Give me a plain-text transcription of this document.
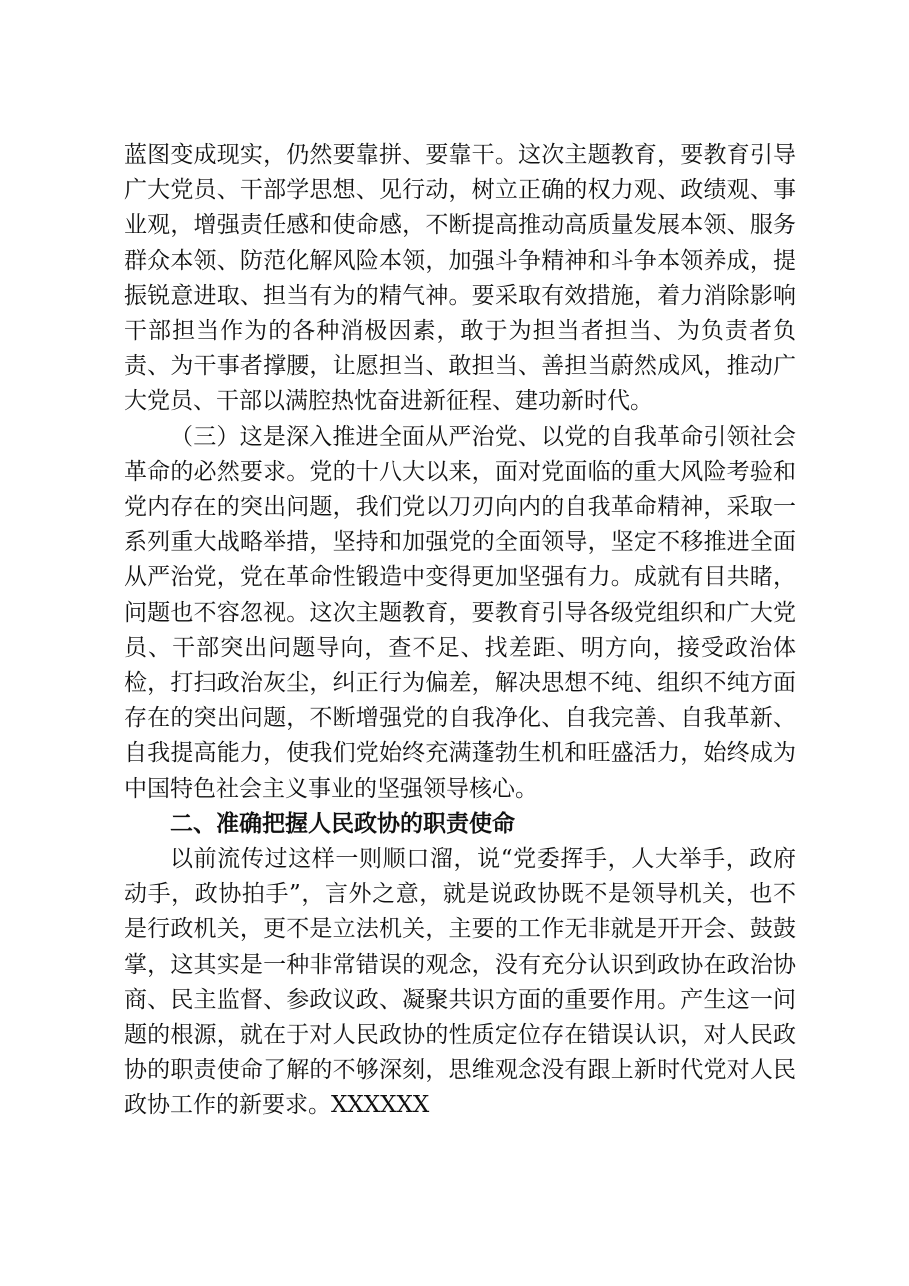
蓝图变成现实，仍然要靠拼、要靠干。这次主题教育，要教育引导广大党员、干部学思想、见行动，树立正确的权力观、政绩观、事业观，增强责任感和使命感，不断提高推动高质量发展本领、服务群众本领、防范化解风险本领，加强斗争精神和斗争本领养成，提振锐意进取、担当有为的精气神。要采取有效措施，着力消除影响干部担当作为的各种消极因素，敢于为担当者担当、为负责者负责、为干事者撑腰，让愿担当、敢担当、善担当蔚然成风，推动广大党员、干部以满腔热忱奋进新征程、建功新时代。

（三）这是深入推进全面从严治党、以党的自我革命引领社会革命的必然要求。党的十八大以来，面对党面临的重大风险考验和党内存在的突出问题，我们党以刀刃向内的自我革命精神，采取一系列重大战略举措，坚持和加强党的全面领导，坚定不移推进全面从严治党，党在革命性锻造中变得更加坚强有力。成就有目共睹，问题也不容忽视。这次主题教育，要教育引导各级党组织和广大党员、干部突出问题导向，查不足、找差距、明方向，接受政治体检，打扫政治灰尘，纠正行为偏差，解决思想不纯、组织不纯方面存在的突出问题，不断增强党的自我净化、自我完善、自我革新、自我提高能力，使我们党始终充满蓬勃生机和旺盛活力，始终成为中国特色社会主义事业的坚强领导核心。

二、准确把握人民政协的职责使命

以前流传过这样一则顺口溜，说“党委挥手，人大举手，政府动手，政协拍手”，言外之意，就是说政协既不是领导机关，也不是行政机关，更不是立法机关，主要的工作无非就是开开会、鼓鼓掌，这其实是一种非常错误的观念，没有充分认识到政协在政治协商、民主监督、参政议政、凝聚共识方面的重要作用。产生这一问题的根源，就在于对人民政协的性质定位存在错误认识，对人民政协的职责使命了解的不够深刻，思维观念没有跟上新时代党对人民政协工作的新要求。XXXXXX
